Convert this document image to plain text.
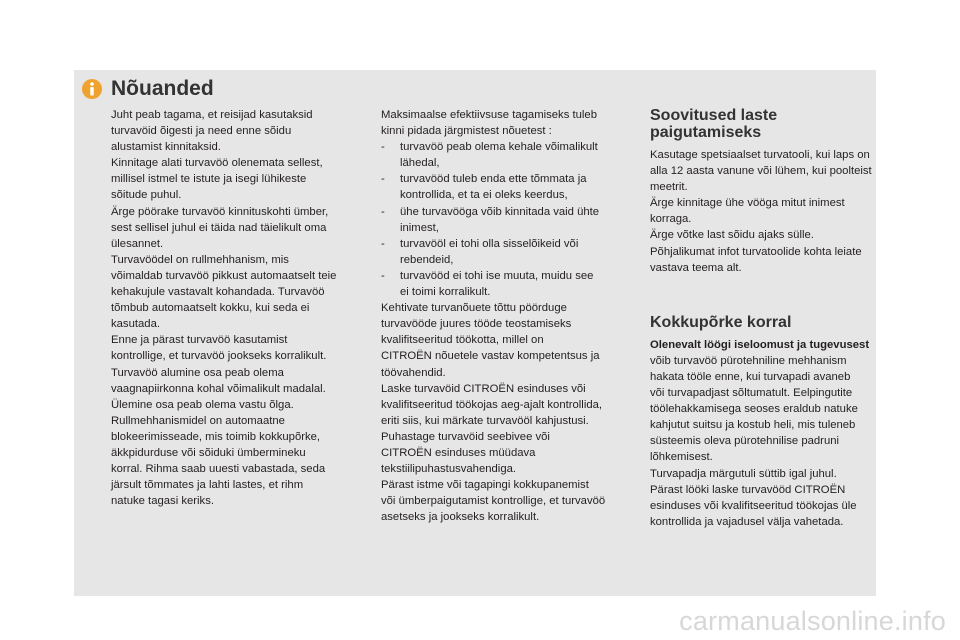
Nõuanded

Juht peab tagama, et reisijad kasutaksid

turvavöid õigesti ja need enne sõidu

alustamist kinnitaksid.

Kinnitage alati turvavöö olenemata sellest,

millisel istmel te istute ja isegi lühikeste

sõitude puhul.

Ärge pöörake turvavöö kinnituskohti ümber,

sest sellisel juhul ei täida nad täielikult oma

ülesannet.

Turvavöödel on rullmehhanism, mis

võimaldab turvavöö pikkust automaatselt teie

kehakujule vastavalt kohandada. Turvavöö

tõmbub automaatselt kokku, kui seda ei

kasutada.

Enne ja pärast turvavöö kasutamist

kontrollige, et turvavöö jookseks korralikult.

Turvavöö alumine osa peab olema

vaagnapiirkonna kohal võimalikult madalal.

Ülemine osa peab olema vastu õlga.

Rullmehhanismidel on automaatne

blokeerimisseade, mis toimib kokkupõrke,

äkkpidurduse või sõiduki ümbermineku

korral. Rihma saab uuesti vabastada, seda

järsult tõmmates ja lahti lastes, et rihm

natuke tagasi keriks.

Maksimaalse efektiivsuse tagamiseks tuleb

kinni pidada järgmistest nõuetest :

-	turvavöö peab olema kehale võimalikult

lähedal,

-	turvavööd tuleb enda ette tõmmata ja

kontrollida, et ta ei oleks keerdus,

-	ühe turvavööga võib kinnitada vaid ühte

inimest,

-	turvavööl ei tohi olla sisselõikeid või

rebendeid,

-	turvavööd ei tohi ise muuta, muidu see

ei toimi korralikult.

Kehtivate turvanõuete tõttu pöörduge

turvavööde juures tööde teostamiseks

kvalifitseeritud töökotta, millel on

CITROËN nõuetele vastav kompetentsus ja

töövahendid.

Laske turvavöid CITROËN esinduses või

kvalifitseeritud töökojas aeg-ajalt kontrollida,

eriti siis, kui märkate turvavööl kahjustusi.

Puhastage turvavöid seebivee või

CITROËN esinduses müüdava

tekstiilipuhastusvahendiga.

Pärast istme või tagapingi kokkupanemist

või ümberpaigutamist kontrollige, et turvavöö

asetseks ja jookseks korralikult.

Soovitused laste
paigutamiseks

Kasutage spetsiaalset turvatooli, kui laps on

alla 12 aasta vanune või lühem, kui poolteist

meetrit.

Ärge kinnitage ühe vööga mitut inimest

korraga.

Ärge võtke last sõidu ajaks sülle.

Põhjalikumat infot turvatoolide kohta leiate

vastava teema alt.

Kokkupõrke korral

Olenevalt löögi iseloomust ja tugevusest

võib turvavöö pürotehniline mehhanism

hakata tööle enne, kui turvapadi avaneb

või turvapadjast sõltumatult. Eelpingutite

töölehakkamisega seoses eraldub natuke

kahjutut suitsu ja kostub heli, mis tuleneb

süsteemis oleva pürotehnilise padruni

lõhkemisest.

Turvapadja märgutuli süttib igal juhul.

Pärast lööki laske turvavööd CITROËN

esinduses või kvalifitseeritud töökojas üle

kontrollida ja vajadusel välja vahetada.

carmanualsonline.info
